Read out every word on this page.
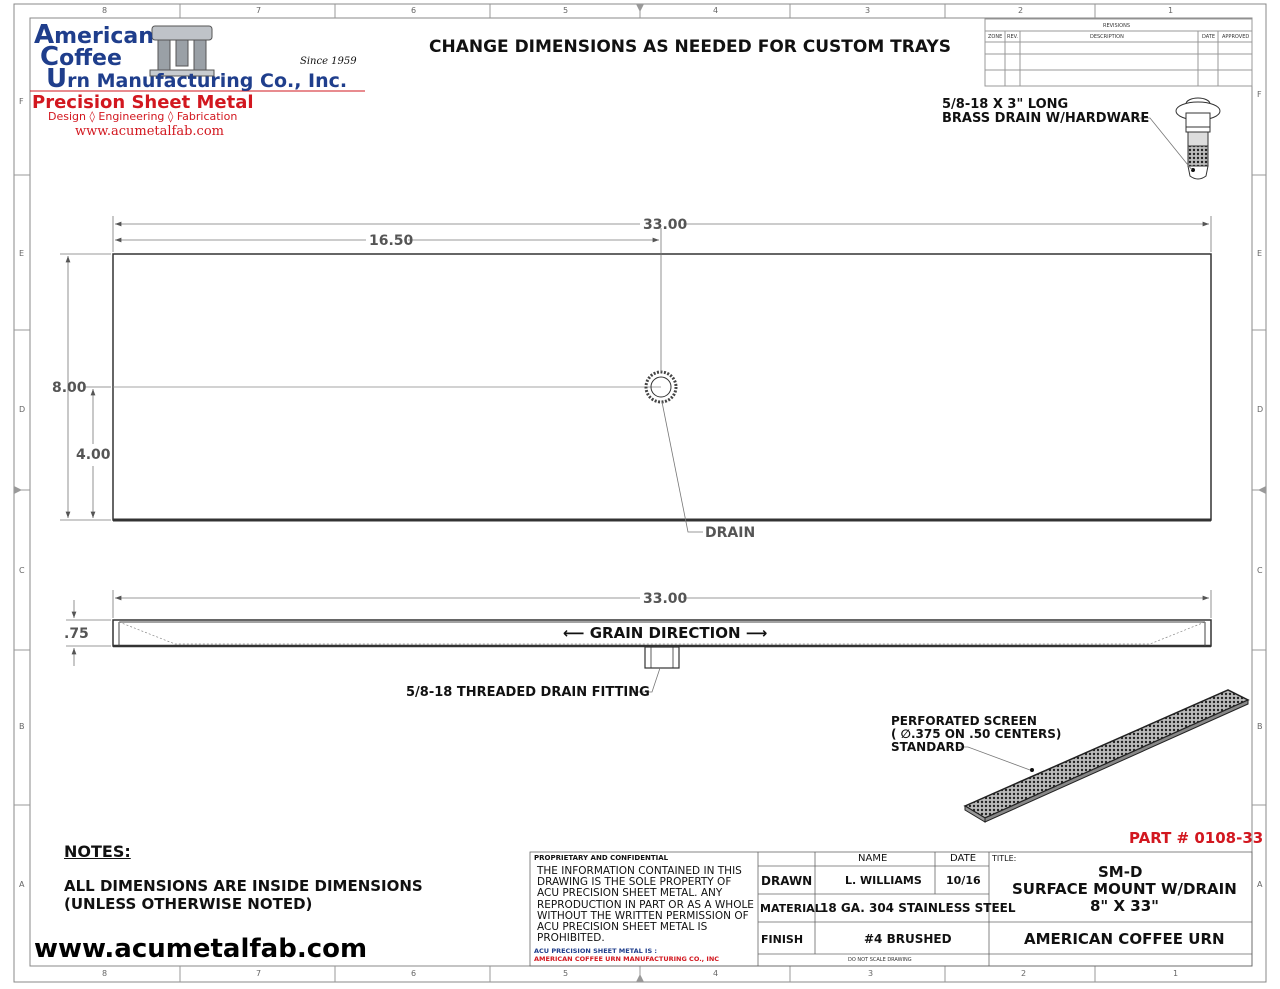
8	7	6	5	4	3	2	1
8	7	6	5	4	3	2	1
F
E
D
C
B
A
F
E
D
C
B
A
American
Coffee
Urn Manufacturing Co., Inc.
Since 1959
Precision Sheet Metal
Design ◊ Engineering ◊ Fabrication
www.acumetalfab.com
CHANGE DIMENSIONS AS NEEDED FOR CUSTOM TRAYS
REVISIONS
ZONE REV.	DESCRIPTION	DATE APPROVED
5/8-18 X 3" LONG
BRASS DRAIN W/HARDWARE
33.00
16.50
8.00
4.00
DRAIN
33.00
.75	⟵ GRAIN DIRECTION ⟶
5/8-18 THREADED DRAIN FITTING
PERFORATED SCREEN
( ∅.375 ON .50 CENTERS)
STANDARD
PART # 0108-33
NOTES:
ALL DIMENSIONS ARE INSIDE DIMENSIONS
(UNLESS OTHERWISE NOTED)
www.acumetalfab.com
PROPRIETARY AND CONFIDENTIAL
THE INFORMATION CONTAINED IN THIS
DRAWING IS THE SOLE PROPERTY OF
ACU PRECISION SHEET METAL. ANY
REPRODUCTION IN PART OR AS A WHOLE
WITHOUT THE WRITTEN PERMISSION OF
ACU PRECISION SHEET METAL IS
PROHIBITED.
ACU PRECISION SHEET METAL IS :
AMERICAN COFFEE URN MANUFACTURING CO., INC
NAME	DATE TITLE:
DRAWN	L. WILLIAMS 10/16
MATERIAL
18 GA. 304 STAINLESS STEEL
FINISH	#4 BRUSHED
DO NOT SCALE DRAWING
SM-D
SURFACE MOUNT W/DRAIN
8" X 33"
AMERICAN COFFEE URN
